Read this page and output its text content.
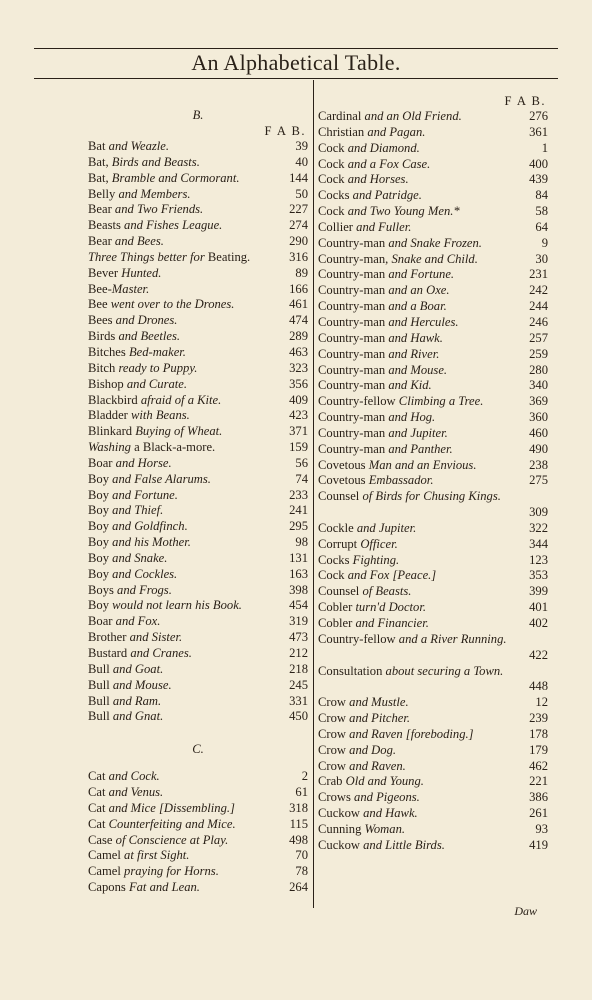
An Alphabetical Table.
B.
F A B.
Bat and Weazle.	39
Bat, Birds and Beasts.	40
Bat, Bramble and Cormorant.	144
Belly and Members.	50
Bear and Two Friends.	227
Beasts and Fishes League.	274
Bear and Bees.	290
Three Things better for Beating.	316
Bever Hunted.	89
Bee-Master.	166
Bee went over to the Drones.	461
Bees and Drones.	474
Birds and Beetles.	289
Bitches Bed-maker.	463
Bitch ready to Puppy.	323
Bishop and Curate.	356
Blackbird afraid of a Kite.	409
Bladder with Beans.	423
Blinkard Buying of Wheat.	371
Washing a Black-a-more.	159
Boar and Horse.	56
Boy and False Alarums.	74
Boy and Fortune.	233
Boy and Thief.	241
Boy and Goldfinch.	295
Boy and his Mother.	98
Boy and Snake.	131
Boy and Cockles.	163
Boys and Frogs.	398
Boy would not learn his Book.	454
Boar and Fox.	319
Brother and Sister.	473
Bustard and Cranes.	212
Bull and Goat.	218
Bull and Mouse.	245
Bull and Ram.	331
Bull and Gnat.	450
C.
Cat and Cock.	2
Cat and Venus.	61
Cat and Mice [Dissembling.]	318
Cat Counterfeiting and Mice.	115
Case of Conscience at Play.	498
Camel at first Sight.	70
Camel praying for Horns.	78
Capons Fat and Lean.	264
F A B.
Cardinal and an Old Friend.	276
Christian and Pagan.	361
Cock and Diamond.	1
Cock and a Fox Case.	400
Cock and Horses.	439
Cocks and Patridge.	84
Cock and Two Young Men.*	58
Collier and Fuller.	64
Country-man and Snake Frozen.	9
Country-man, Snake and Child.	30
Country-man and Fortune.	231
Country-man and an Oxe.	242
Country-man and a Boar.	244
Country-man and Hercules.	246
Country-man and Hawk.	257
Country-man and River.	259
Country-man and Mouse.	280
Country-man and Kid.	340
Country-fellow Climbing a Tree.	369
Country-man and Hog.	360
Country-man and Jupiter.	460
Country-man and Panther.	490
Covetous Man and an Envious.	238
Covetous Embassador.	275
Counsel of Birds for Chusing Kings.
309
Cockle and Jupiter.	322
Corrupt Officer.	344
Cocks Fighting.	123
Cock and Fox [Peace.]	353
Counsel of Beasts.	399
Cobler turn'd Doctor.	401
Cobler and Financier.	402
Country-fellow and a River Running.
422
Consultation about securing a Town.
448
Crow and Mustle.	12
Crow and Pitcher.	239
Crow and Raven [foreboding.]	178
Crow and Dog.	179
Crow and Raven.	462
Crab Old and Young.	221
Crows and Pigeons.	386
Cuckow and Hawk.	261
Cunning Woman.	93
Cuckow and Little Birds.	419
Daw
